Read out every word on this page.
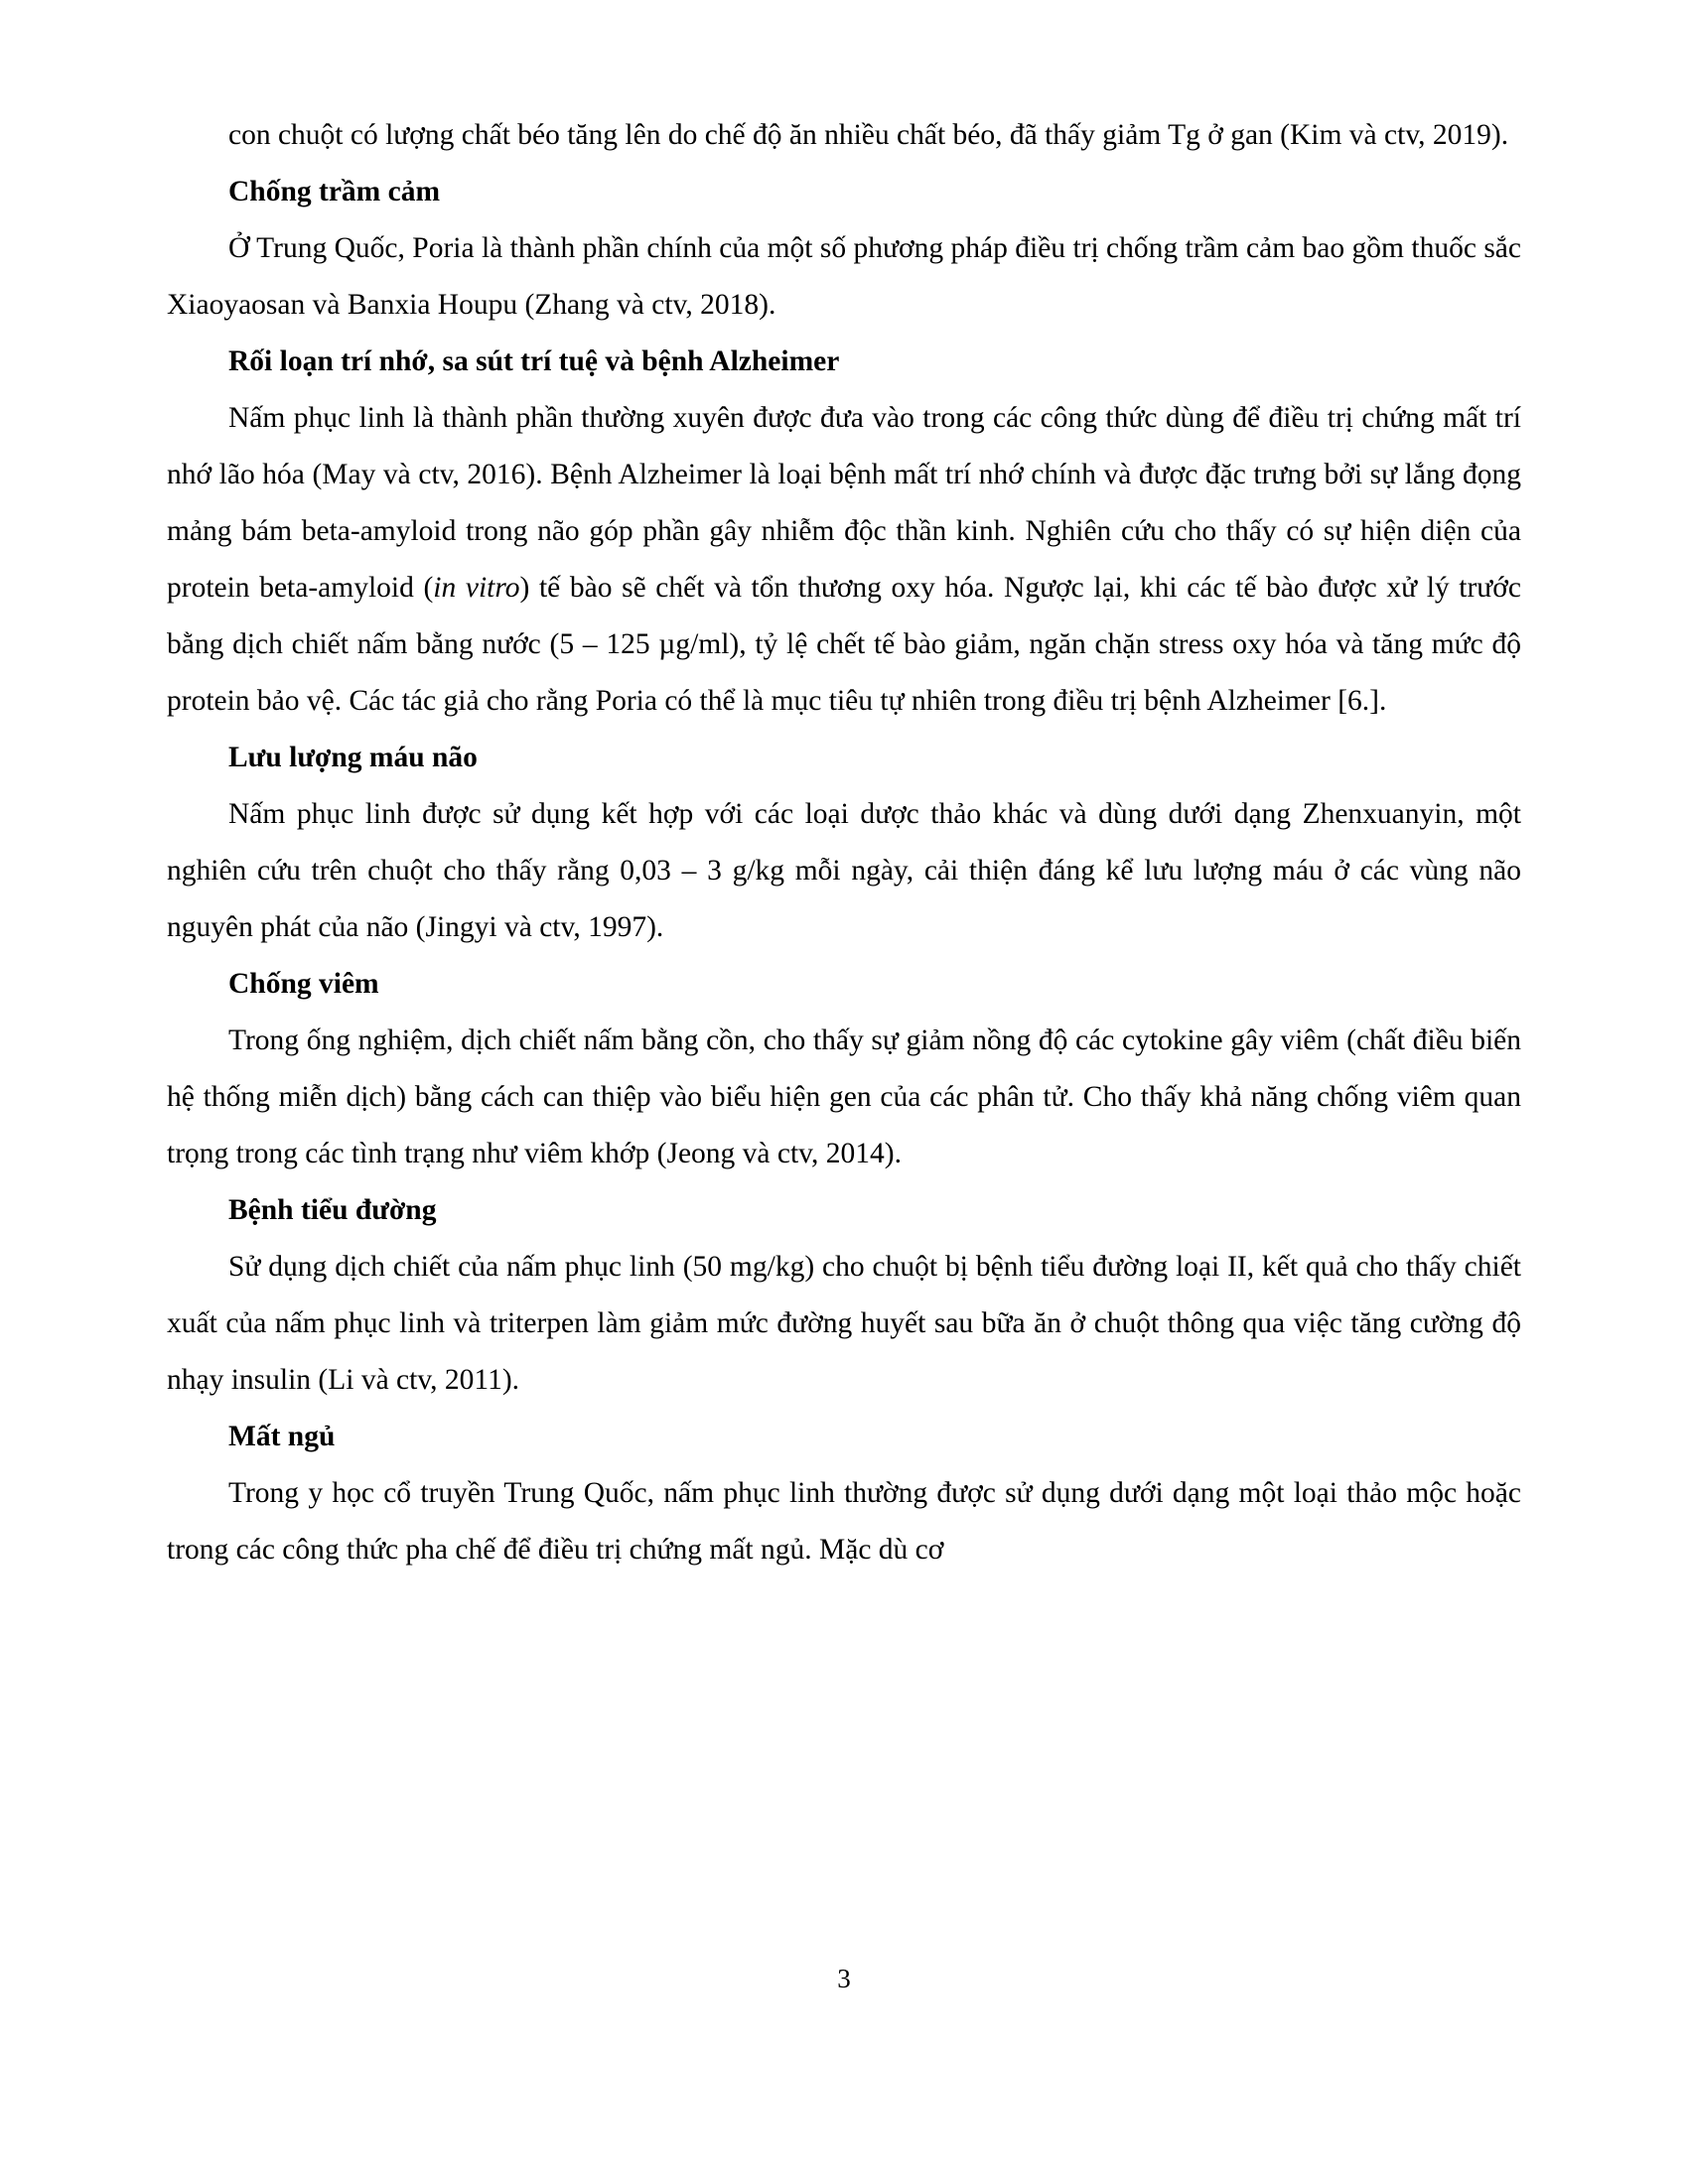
con chuột có lượng chất béo tăng lên do chế độ ăn nhiều chất béo, đã thấy giảm Tg ở gan (Kim và ctv, 2019).

Chống trầm cảm

Ở Trung Quốc, Poria là thành phần chính của một số phương pháp điều trị chống trầm cảm bao gồm thuốc sắc Xiaoyaosan và Banxia Houpu (Zhang và ctv, 2018).

Rối loạn trí nhớ, sa sút trí tuệ và bệnh Alzheimer

Nấm phục linh là thành phần thường xuyên được đưa vào trong các công thức dùng để điều trị chứng mất trí nhớ lão hóa (May và ctv, 2016). Bệnh Alzheimer là loại bệnh mất trí nhớ chính và được đặc trưng bởi sự lắng đọng mảng bám beta-amyloid trong não góp phần gây nhiễm độc thần kinh. Nghiên cứu cho thấy có sự hiện diện của protein beta-amyloid (in vitro) tế bào sẽ chết và tổn thương oxy hóa. Ngược lại, khi các tế bào được xử lý trước bằng dịch chiết nấm bằng nước (5 – 125 µg/ml), tỷ lệ chết tế bào giảm, ngăn chặn stress oxy hóa và tăng mức độ protein bảo vệ. Các tác giả cho rằng Poria có thể là mục tiêu tự nhiên trong điều trị bệnh Alzheimer [6.].

Lưu lượng máu não

Nấm phục linh được sử dụng kết hợp với các loại dược thảo khác và dùng dưới dạng Zhenxuanyin, một nghiên cứu trên chuột cho thấy rằng 0,03 – 3 g/kg mỗi ngày, cải thiện đáng kể lưu lượng máu ở các vùng não nguyên phát của não (Jingyi và ctv, 1997).

Chống viêm

Trong ống nghiệm, dịch chiết nấm bằng cồn, cho thấy sự giảm nồng độ các cytokine gây viêm (chất điều biến hệ thống miễn dịch) bằng cách can thiệp vào biểu hiện gen của các phân tử. Cho thấy khả năng chống viêm quan trọng trong các tình trạng như viêm khớp (Jeong và ctv, 2014).

Bệnh tiểu đường

Sử dụng dịch chiết của nấm phục linh (50 mg/kg) cho chuột bị bệnh tiểu đường loại II, kết quả cho thấy chiết xuất của nấm phục linh và triterpen làm giảm mức đường huyết sau bữa ăn ở chuột thông qua việc tăng cường độ nhạy insulin (Li và ctv, 2011).

Mất ngủ

Trong y học cổ truyền Trung Quốc, nấm phục linh thường được sử dụng dưới dạng một loại thảo mộc hoặc trong các công thức pha chế để điều trị chứng mất ngủ. Mặc dù cơ

3
